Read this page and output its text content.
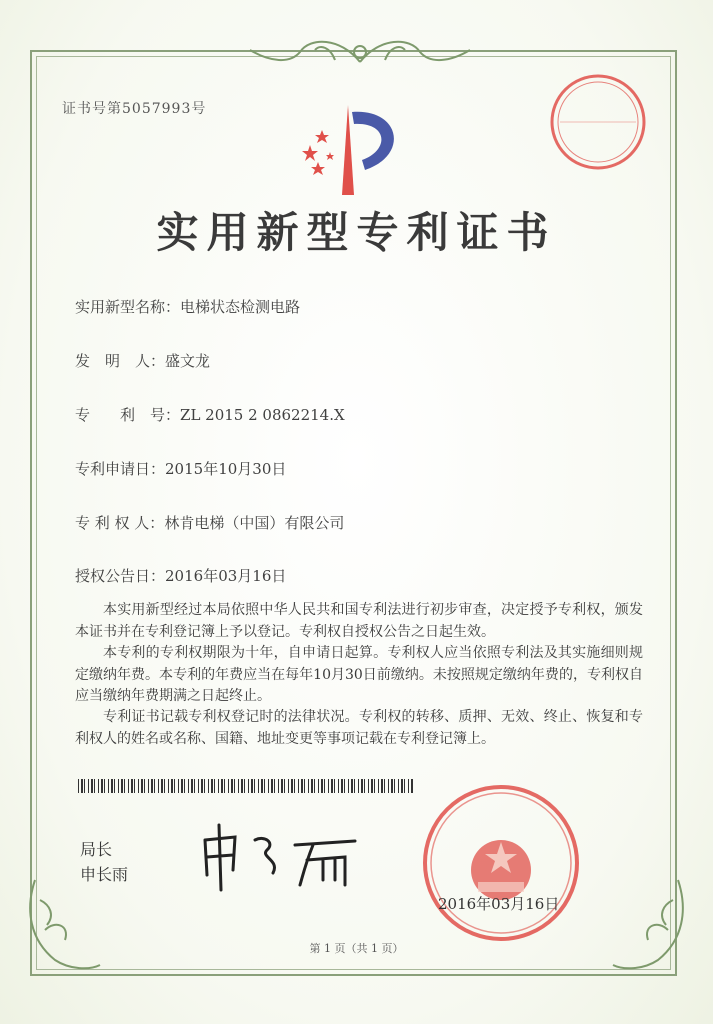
证书号第5057993号
实用新型专利证书
实用新型名称：电梯状态检测电路
发　明　人：盛文龙
专　　利　号：ZL 2015 2 0862214.X
专利申请日：2015年10月30日
专 利 权 人：林肯电梯（中国）有限公司
授权公告日：2016年03月16日
本实用新型经过本局依照中华人民共和国专利法进行初步审查，决定授予专利权，颁发本证书并在专利登记簿上予以登记。专利权自授权公告之日起生效。
本专利的专利权期限为十年，自申请日起算。专利权人应当依照专利法及其实施细则规定缴纳年费。本专利的年费应当在每年10月30日前缴纳。未按照规定缴纳年费的，专利权自应当缴纳年费期满之日起终止。
专利证书记载专利权登记时的法律状况。专利权的转移、质押、无效、终止、恢复和专利权人的姓名或名称、国籍、地址变更等事项记载在专利登记簿上。
局长
申长雨
2016年03月16日
第 1 页（共 1 页）
